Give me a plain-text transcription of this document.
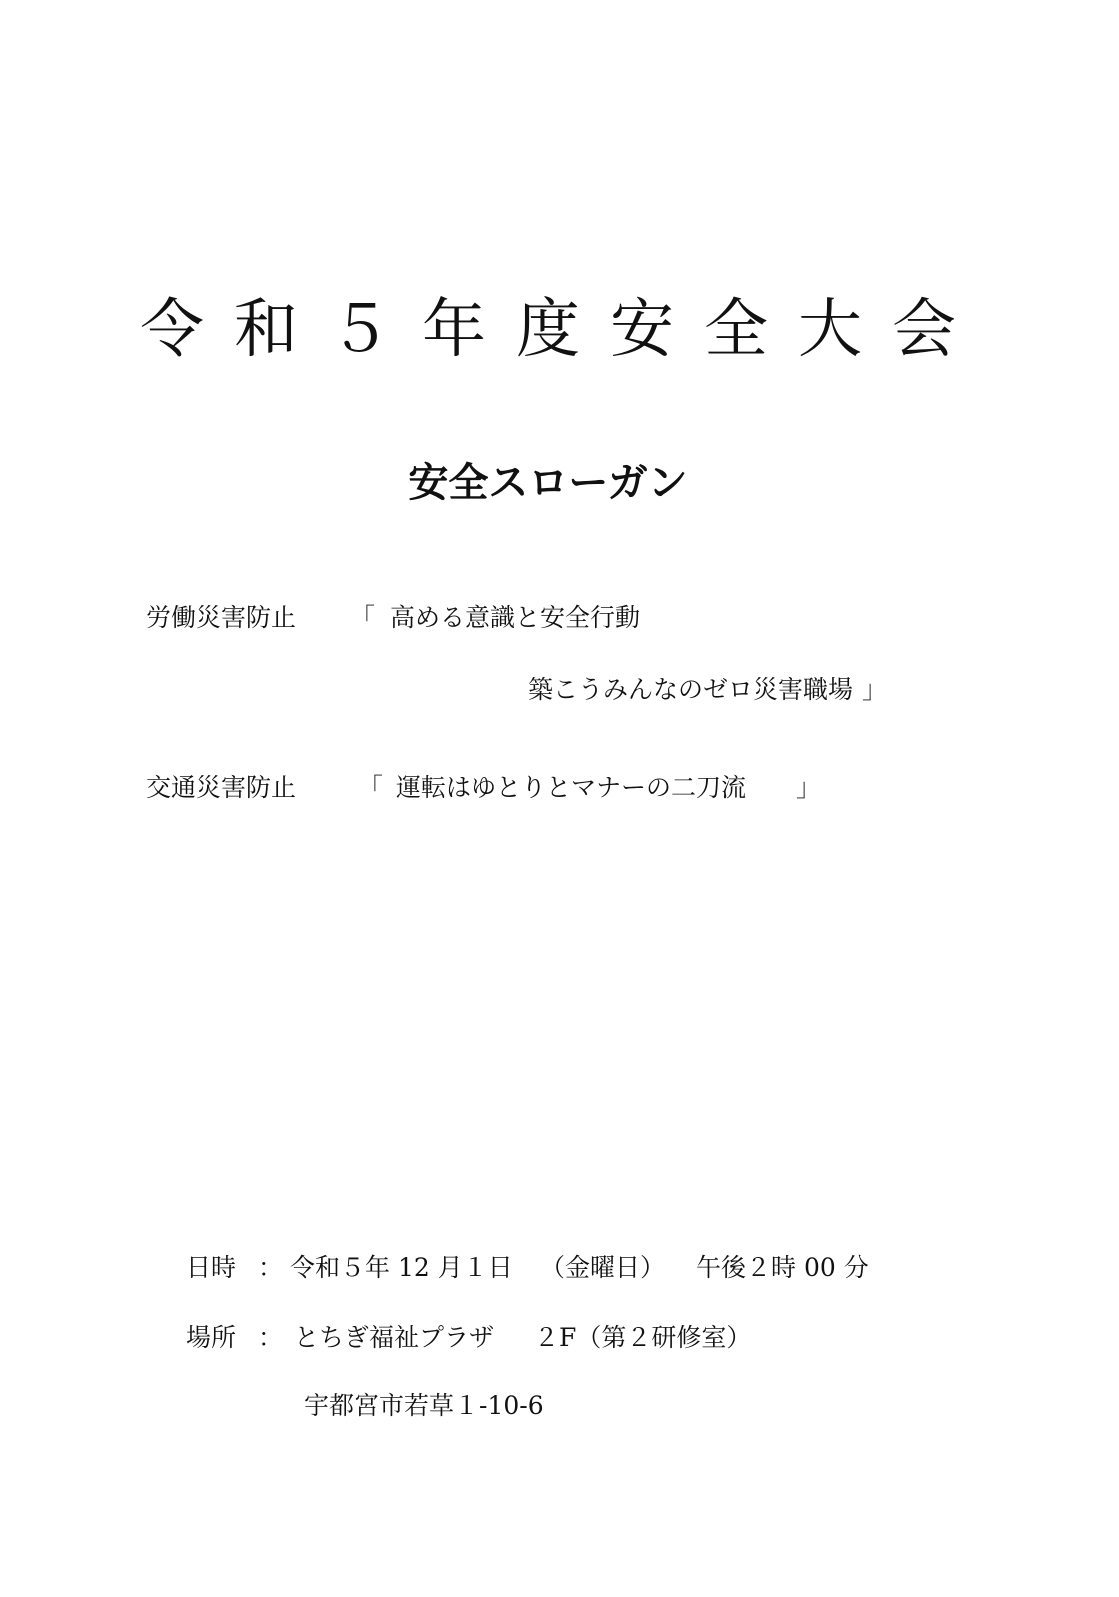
令和５年度安全大会
安全スローガン
労働災害防止 「 高める意識と安全行動
築こうみんなのゼロ災害職場 」
交通災害防止 「 運転はゆとりとマナーの二刀流 」
日時 ： 令和５年 12 月１日 （金曜日） 午後２時 00 分
場所 ： とちぎ福祉プラザ ２F（第２研修室）
宇都宮市若草１-10-6
